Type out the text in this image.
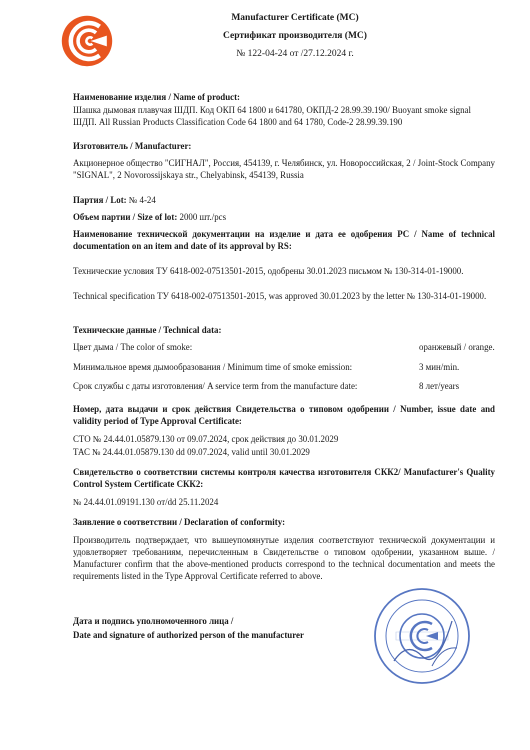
Manufacturer Certificate (MC)
Сертификат производителя (MC)
№ 122-04-24 от /27.12.2024 г.
Наименование изделия / Name of product:
Шашка дымовая плавучая ШДП. Код ОКП 64 1800 и 641780, ОКПД-2 28.99.39.190/ Buoyant smoke signal ШДП. All Russian Products Classification Code 64 1800 and 64 1780, Code-2 28.99.39.190
Изготовитель / Manufacturer:
Акционерное общество "СИГНАЛ", Россия, 454139, г. Челябинск, ул. Новороссийская, 2 / Joint-Stock Company "SIGNAL", 2 Novorossijskaya str., Chelyabinsk, 454139, Russia
Партия / Lot: № 4-24
Объем партии / Size of lot: 2000 шт./pcs
Наименование технической документации на изделие и дата ее одобрения РС / Name of technical documentation on an item and date of its approval by RS:
Технические условия ТУ 6418-002-07513501-2015, одобрены 30.01.2023 письмом № 130-314-01-19000.
Technical specification ТУ 6418-002-07513501-2015, was approved 30.01.2023 by the letter № 130-314-01-19000.
Технические данные / Technical data:
Цвет дыма / The color of smoke:	оранжевый / orange.
Минимальное время дымообразования / Minimum time of smoke emission:	3 мин/min.
Срок службы с даты изготовления/ A service term from the manufacture date:	8 лет/years
Номер, дата выдачи и срок действия Свидетельства о типовом одобрении / Number, issue date and validity period of Type Approval Certificate:
СТО № 24.44.01.05879.130 от 09.07.2024, срок действия до 30.01.2029
ТАС № 24.44.01.05879.130 dd 09.07.2024, valid until 30.01.2029
Свидетельство о соответствии системы контроля качества изготовителя СКК2/ Manufacturer's Quality Control System Certificate СКК2:
№ 24.44.01.09191.130 от/dd 25.11.2024
Заявление о соответствии / Declaration of conformity:
Производитель подтверждает, что вышеупомянутые изделия соответствуют технической документации и удовлетворяет требованиям, перечисленным в Свидетельстве о типовом одобрении, указанном выше. / Manufacturer confirm that the above-mentioned products correspond to the technical documentation and meets the requirements listed in the Type Approval Certificate referred to above.
Дата и подпись уполномоченного лица /
Date and signature of authorized person of the manufacturer
